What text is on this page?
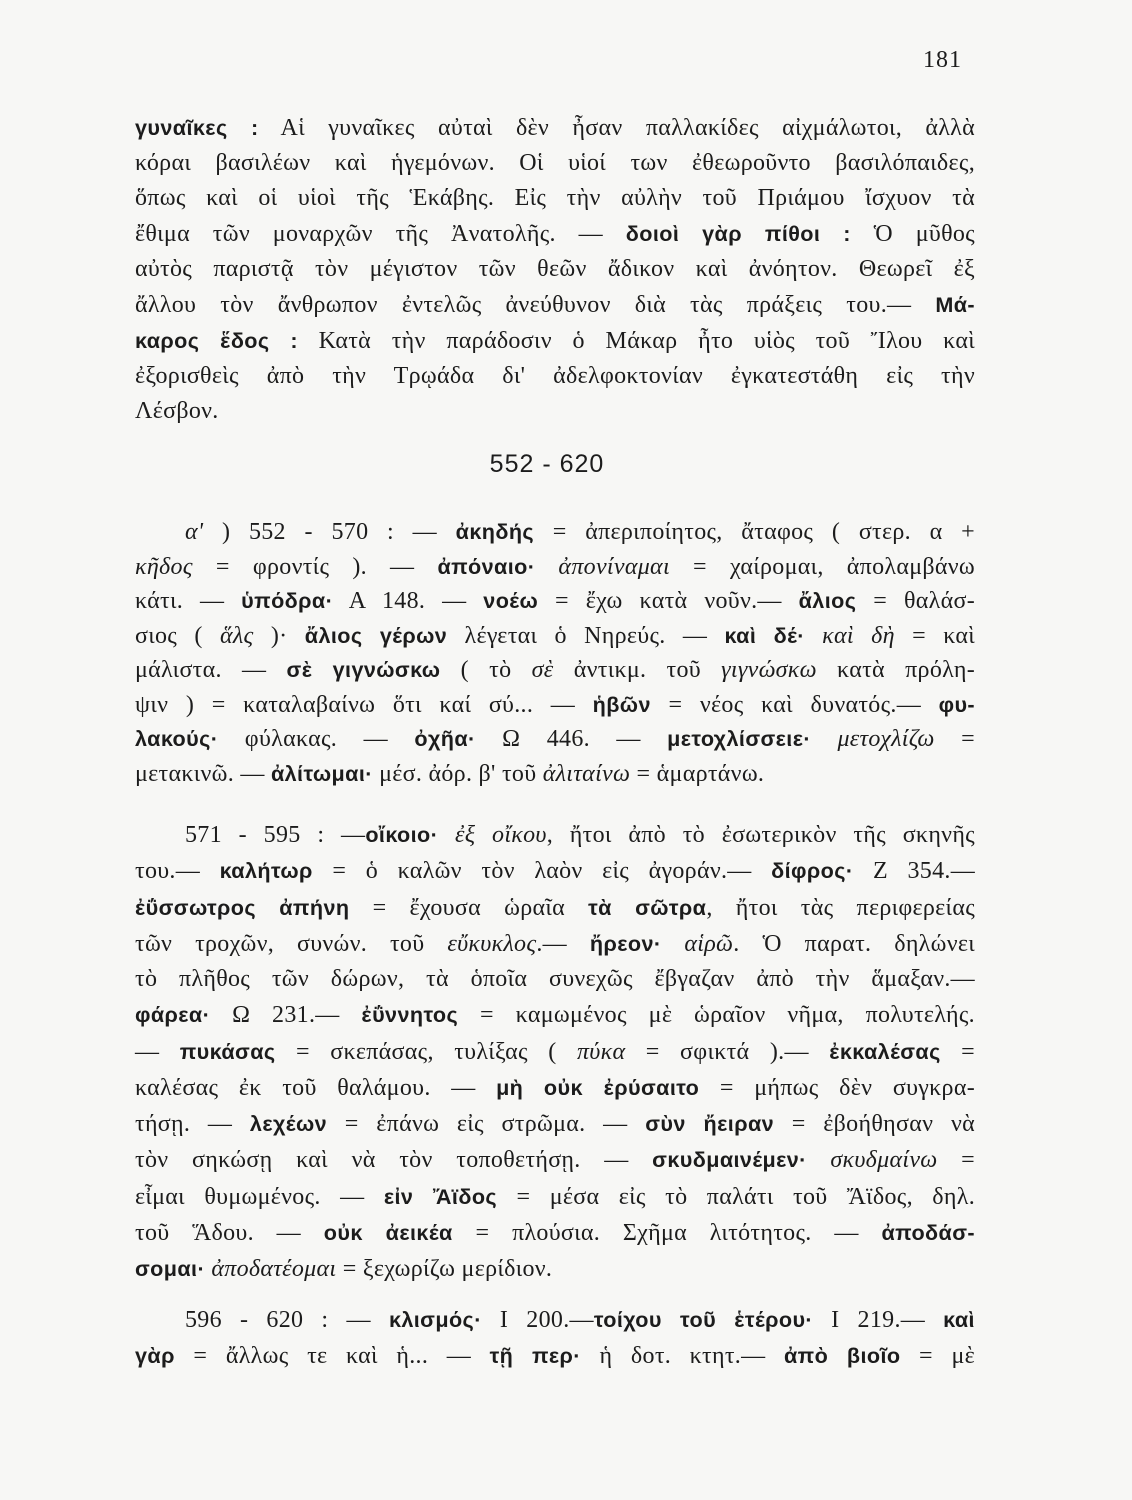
181
γυναῖκες : Αἱ γυναῖκες αὐταὶ δὲν ἦσαν παλλακίδες αἰχμάλωτοι, ἀλλὰ
κόραι βασιλέων καὶ ἡγεμόνων. Οἱ υἱοί των ἐθεωροῦντο βασιλόπαιδες,
ὅπως καὶ οἱ υἱοὶ τῆς Ἑκάβης. Εἰς τὴν αὐλὴν τοῦ Πριάμου ἴσχυον τὰ
ἔθιμα τῶν μοναρχῶν τῆς Ἀνατολῆς. — δοιοὶ γὰρ πίθοι : Ὁ μῦθος
αὐτὸς παριστᾷ τὸν μέγιστον τῶν θεῶν ἄδικον καὶ ἀνόητον. Θεωρεῖ ἐξ
ἄλλου τὸν ἄνθρωπον ἐντελῶς ἀνεύθυνον διὰ τὰς πράξεις του.— Μά-
καρος ἕδος : Κατὰ τὴν παράδοσιν ὁ Μάκαρ ἦτο υἱὸς τοῦ Ἴλου καὶ
ἐξορισθεὶς ἀπὸ τὴν Τρῳάδα δι' ἀδελφοκτονίαν ἐγκατεστάθη εἰς τὴν
Λέσβον.
552 - 620
α' ) 552 - 570 : — ἀκηδής = ἀπεριποίητος, ἄταφος ( στερ. α +
κῆδος = φροντίς ). — ἀπόναιο· ἀπονίναμαι = χαίρομαι, ἀπολαμβάνω
κάτι. — ὑπόδρα· Α 148. — νοέω = ἔχω κατὰ νοῦν.— ἄλιος = θαλάσ-
σιος ( ἅλς )· ἄλιος γέρων λέγεται ὁ Νηρεύς. — καὶ δέ· καὶ δὴ = καὶ
μάλιστα. — σὲ γιγνώσκω ( τὸ σὲ ἀντικμ. τοῦ γιγνώσκω κατὰ πρόλη-
ψιν ) = καταλαβαίνω ὅτι καί σύ... — ἡβῶν = νέος καὶ δυνατός.— φυ-
λακούς· φύλακας. — ὀχῆα· Ω 446. — μετοχλίσσειε· μετοχλίζω =
μετακινῶ. — ἀλίτωμαι· μέσ. ἀόρ. β' τοῦ ἀλιταίνω = ἁμαρτάνω.
571 - 595 : —οἴκοιο· ἐξ οἴκου, ἤτοι ἀπὸ τὸ ἐσωτερικὸν τῆς σκηνῆς
του.— καλήτωρ = ὁ καλῶν τὸν λαὸν εἰς ἀγοράν.— δίφρος· Ζ 354.—
ἐΰσσωτρος ἀπήνη = ἔχουσα ὡραῖα τὰ σῶτρα, ἤτοι τὰς περιφερείας
τῶν τροχῶν, συνών. τοῦ εὔκυκλος.— ἤρεον· αἱρῶ. Ὁ παρατ. δηλώνει
τὸ πλῆθος τῶν δώρων, τὰ ὁποῖα συνεχῶς ἔβγαζαν ἀπὸ τὴν ἅμαξαν.—
φάρεα· Ω 231.— ἐΰννητος = καμωμένος μὲ ὡραῖον νῆμα, πολυτελής.
— πυκάσας = σκεπάσας, τυλίξας ( πύκα = σφικτά ).— ἐκκαλέσας =
καλέσας ἐκ τοῦ θαλάμου. — μὴ οὐκ ἐρύσαιτο = μήπως δὲν συγκρα-
τήσῃ. — λεχέων = ἐπάνω εἰς στρῶμα. — σὺν ἤειραν = ἐβοήθησαν νὰ
τὸν σηκώσῃ καὶ νὰ τὸν τοποθετήσῃ. — σκυδμαινέμεν· σκυδμαίνω =
εἶμαι θυμωμένος. — εἰν Ἄϊδος = μέσα εἰς τὸ παλάτι τοῦ Ἄϊδος, δηλ.
τοῦ Ἅδου. — οὐκ ἀεικέα = πλούσια. Σχῆμα λιτότητος. — ἀποδάσ-
σομαι· ἀποδατέομαι = ξεχωρίζω μερίδιον.
596 - 620 : — κλισμός· Ι 200.—τοίχου τοῦ ἑτέρου· Ι 219.— καὶ
γὰρ = ἄλλως τε καὶ ἡ... — τῇ περ· ἡ δοτ. κτητ.— ἀπὸ βιοῖο = μὲ
